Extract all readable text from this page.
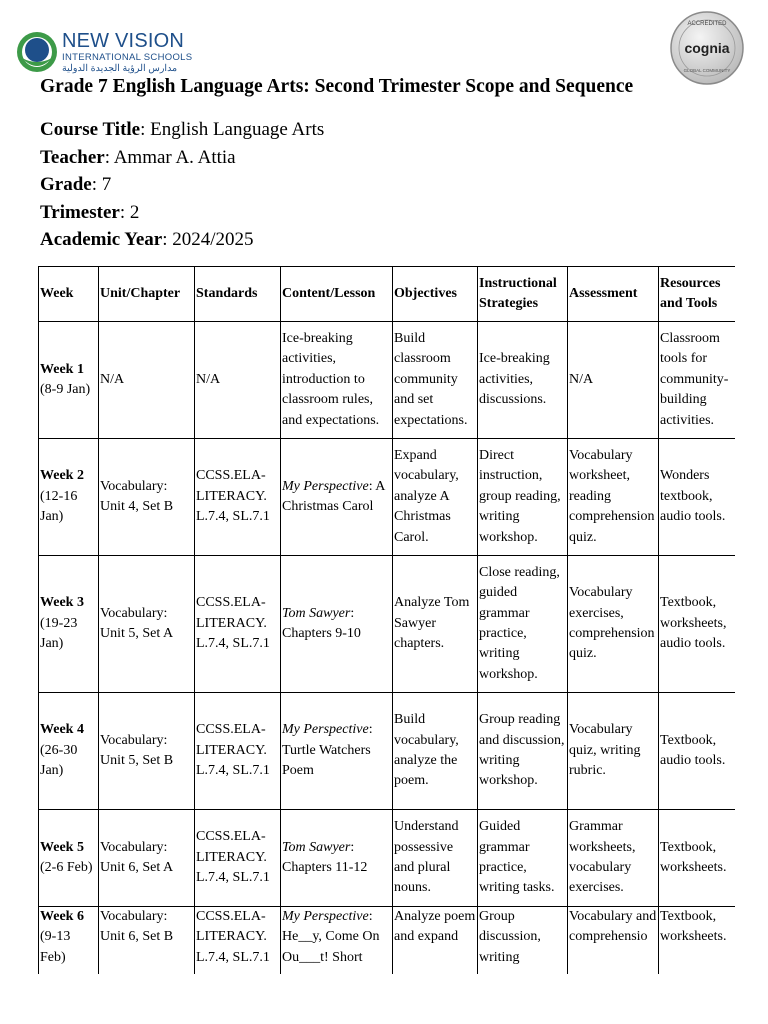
NEW VISION
INTERNATIONAL SCHOOLS
مدارس الرؤية الجديدة الدولية
ACCREDITED
cognia
GLOBAL COMMUNITY
Grade 7 English Language Arts: Second Trimester Scope and Sequence
Course Title: English Language Arts
Teacher: Ammar A. Attia
Grade: 7
Trimester: 2
Academic Year: 2024/2025
Week	Unit/Chapter	Standards	Content/Lesson	Objectives	Instructional Strategies	Assessment	Resources and Tools
Week 1
(8-9 Jan)	N/A	N/A	Ice-breaking activities, introduction to classroom rules, and expectations.	Build classroom community and set expectations.	Ice-breaking activities, discussions.	N/A	Classroom tools for community-building activities.
Week 2
(12-16 Jan)	Vocabulary: Unit 4, Set B	CCSS.ELA-LITERACY. L.7.4, SL.7.1	My Perspective: A Christmas Carol	Expand vocabulary, analyze A Christmas Carol.	Direct instruction, group reading, writing workshop.	Vocabulary worksheet, reading comprehension quiz.	Wonders textbook, audio tools.
Week 3
(19-23 Jan)	Vocabulary: Unit 5, Set A	CCSS.ELA-LITERACY. L.7.4, SL.7.1	Tom Sawyer: Chapters 9-10	Analyze Tom Sawyer chapters.	Close reading, guided grammar practice, writing workshop.	Vocabulary exercises, comprehension quiz.	Textbook, worksheets, audio tools.
Week 4
(26-30 Jan)	Vocabulary: Unit 5, Set B	CCSS.ELA-LITERACY. L.7.4, SL.7.1	My Perspective: Turtle Watchers Poem	Build vocabulary, analyze the poem.	Group reading and discussion, writing workshop.	Vocabulary quiz, writing rubric.	Textbook, audio tools.
Week 5
(2-6 Feb)	Vocabulary: Unit 6, Set A	CCSS.ELA-LITERACY. L.7.4, SL.7.1	Tom Sawyer: Chapters 11-12	Understand possessive and plural nouns.	Guided grammar practice, writing tasks.	Grammar worksheets, vocabulary exercises.	Textbook, worksheets.

Week 6
(9-13 Feb)	Vocabulary: Unit 6, Set B	CCSS.ELA-LITERACY. L.7.4, SL.7.1	My Perspective: He__y, Come On Ou___t! Short	Analyze poem and expand	Group discussion, writing	Vocabulary and comprehensio	Textbook, worksheets.
